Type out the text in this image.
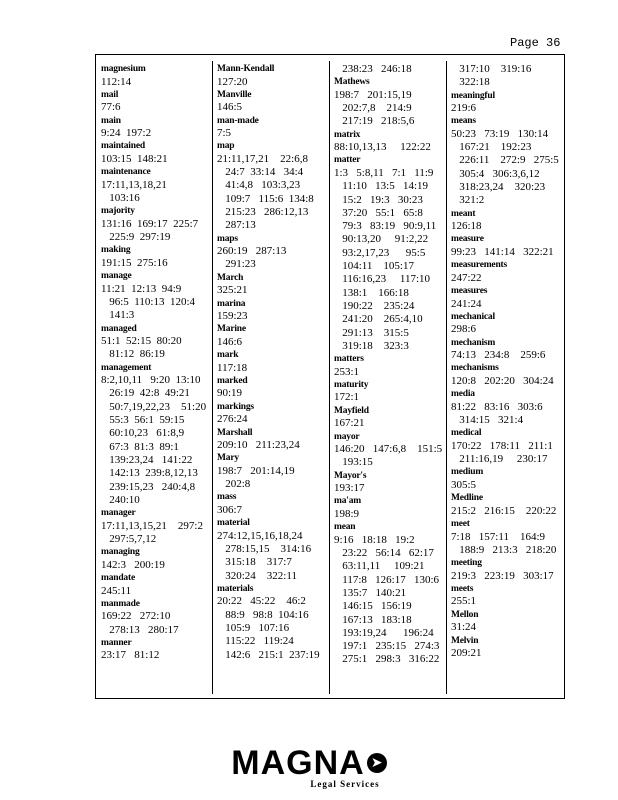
Page 36
magnesium
112:14
mail
77:6
main
9:24  197:2
maintained
103:15  148:21
maintenance
17:11,13,18,21
103:16
majority
131:16  169:17  225:7
225:9  297:19
making
191:15  275:16
manage
11:21  12:13  94:9
96:5  110:13  120:4
141:3
managed
51:1  52:15  80:20
81:12  86:19
management
8:2,10,11   9:20  13:10
26:19  42:8  49:21
50:7,19,22,23    51:20
55:3  56:1  59:15
60:10,23   61:8,9
67:3  81:3  89:1
139:23,24   141:22
142:13  239:8,12,13
239:15,23   240:4,8
240:10
manager
17:11,13,15,21    297:2
297:5,7,12
managing
142:3   200:19
mandate
245:11
manmade
169:22   272:10
278:13   280:17
manner
23:17   81:12
Mann-Kendall
127:20
Manville
146:5
man-made
7:5
map
21:11,17,21    22:6,8
24:7  33:14   34:4
41:4,8   103:3,23
109:7   115:6  134:8
215:23   286:12,13
287:13
maps
260:19   287:13
291:23
March
325:21
marina
159:23
Marine
146:6
mark
117:18
marked
90:19
markings
276:24
Marshall
209:10   211:23,24
Mary
198:7   201:14,19
202:8
mass
306:7
material
274:12,15,16,18,24
278:15,15    314:16
315:18    317:7
320:24    322:11
materials
20:22   45:22    46:2
88:9   98:8  104:16
105:9   107:16
115:22   119:24
142:6   215:1  237:19
238:23   246:18
Mathews
198:7   201:15,19
202:7,8    214:9
217:19   218:5,6
matrix
88:10,13,13     122:22
matter
1:3   5:8,11   7:1   11:9
11:10   13:5   14:19
15:2   19:3   30:23
37:20   55:1   65:8
79:3   83:19   90:9,11
90:13,20     91:2,22
93:2,17,23      95:5
104:11    105:17
116:16,23     117:10
138:1    166:18
190:22    235:24
241:20    265:4,10
291:13    315:5
319:18    323:3
matters
253:1
maturity
172:1
Mayfield
167:21
mayor
146:20   147:6,8    151:5
193:15
Mayor's
193:17
ma'am
198:9
mean
9:16   18:18   19:2
23:22   56:14   62:17
63:11,11     109:21
117:8   126:17   130:6
135:7   140:21
146:15   156:19
167:13   183:18
193:19,24      196:24
197:1   235:15   274:3
275:1   298:3   316:22
317:10    319:16
322:18
meaningful
219:6
means
50:23   73:19   130:14
167:21    192:23
226:11    272:9   275:5
305:4   306:3,6,12
318:23,24    320:23
321:2
meant
126:18
measure
99:23   141:14   322:21
measurements
247:22
measures
241:24
mechanical
298:6
mechanism
74:13   234:8    259:6
mechanisms
120:8   202:20   304:24
media
81:22   83:16   303:6
314:15   321:4
medical
170:22   178:11   211:1
211:16,19     230:17
medium
305:5
Medline
215:2   216:15    220:22
meet
7:18   157:11    164:9
188:9   213:3   218:20
meeting
219:3   223:19   303:17
meets
255:1
Mellon
31:24
Melvin
209:21
MAGNA ➤
Legal Services
